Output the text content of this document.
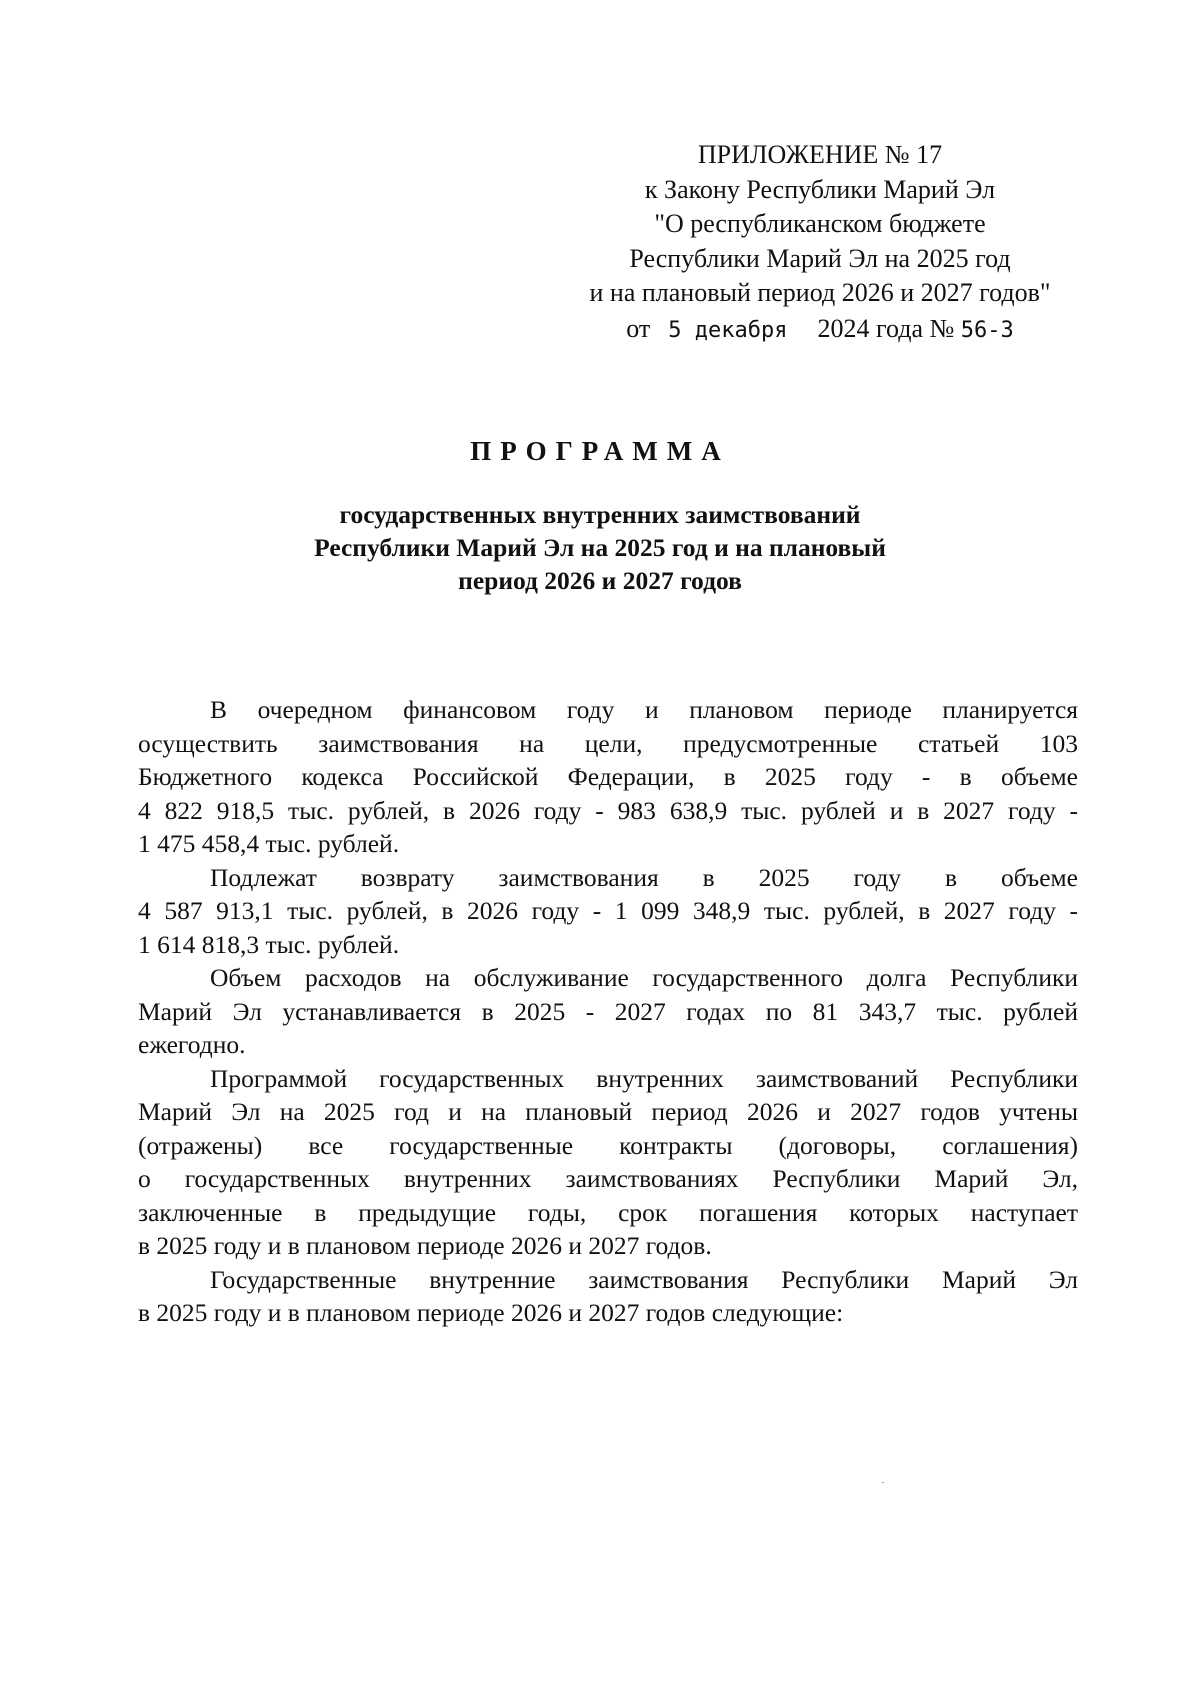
ПРИЛОЖЕНИЕ № 17
к Закону Республики Марий Эл
"О республиканском бюджете
Республики Марий Эл на 2025 год
и на плановый период 2026 и 2027 годов"
от 5 декабря 2024 года № 56-З
ПРОГРАММА
государственных внутренних заимствований
Республики Марий Эл на 2025 год и на плановый
период 2026 и 2027 годов
В очередном финансовом году и плановом периоде планируется
осуществить заимствования на цели, предусмотренные статьей 103
Бюджетного кодекса Российской Федерации, в 2025 году - в объеме
4 822 918,5 тыс. рублей, в 2026 году - 983 638,9 тыс. рублей и в 2027 году -
1 475 458,4 тыс. рублей.
Подлежат возврату заимствования в 2025 году в объеме
4 587 913,1 тыс. рублей, в 2026 году - 1 099 348,9 тыс. рублей, в 2027 году -
1 614 818,3 тыс. рублей.
Объем расходов на обслуживание государственного долга Республики
Марий Эл устанавливается в 2025 - 2027 годах по 81 343,7 тыс. рублей
ежегодно.
Программой государственных внутренних заимствований Республики
Марий Эл на 2025 год и на плановый период 2026 и 2027 годов учтены
(отражены) все государственные контракты (договоры, соглашения)
о государственных внутренних заимствованиях Республики Марий Эл,
заключенные в предыдущие годы, срок погашения которых наступает
в 2025 году и в плановом периоде 2026 и 2027 годов.
Государственные внутренние заимствования Республики Марий Эл
в 2025 году и в плановом периоде 2026 и 2027 годов следующие:
